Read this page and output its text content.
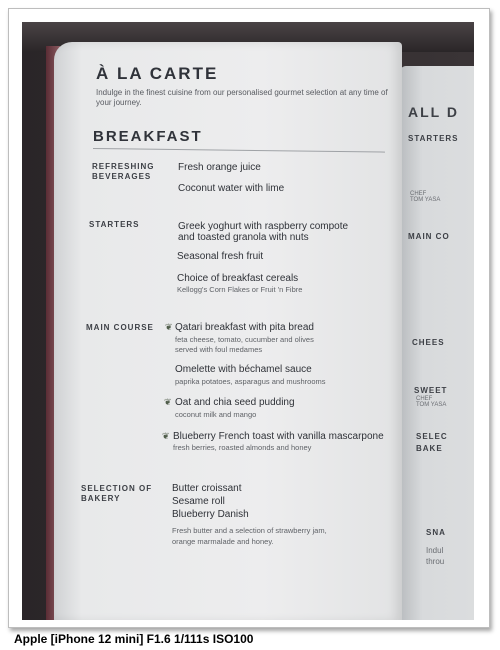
ALL D
STARTERS
CHEF
TOM YASA
MAIN CO
CHEES
SWEET
CHEF
TOM YASA
SELEC
BAKE
SNA
Indul
throu
À LA CARTE
Indulge in the finest cuisine from our personalised gourmet selection at any time of your journey.
BREAKFAST
REFRESHING
BEVERAGES
Fresh orange juice
Coconut water with lime
STARTERS	Greek yoghurt with raspberry compote
and toasted granola with nuts
Seasonal fresh fruit
Choice of breakfast cereals
Kellogg's Corn Flakes or Fruit 'n Fibre
MAIN COURSE ❦ Qatari breakfast with pita bread
feta cheese, tomato, cucumber and olives
served with foul medames
Omelette with béchamel sauce
paprika potatoes, asparagus and mushrooms
❦ Oat and chia seed pudding
coconut milk and mango
❦ Blueberry French toast with vanilla mascarpone
fresh berries, roasted almonds and honey
SELECTION OF
BAKERY
Butter croissant
Sesame roll
Blueberry Danish
Fresh butter and a selection of strawberry jam,
orange marmalade and honey.
Apple [iPhone 12 mini] F1.6 1/111s ISO100
